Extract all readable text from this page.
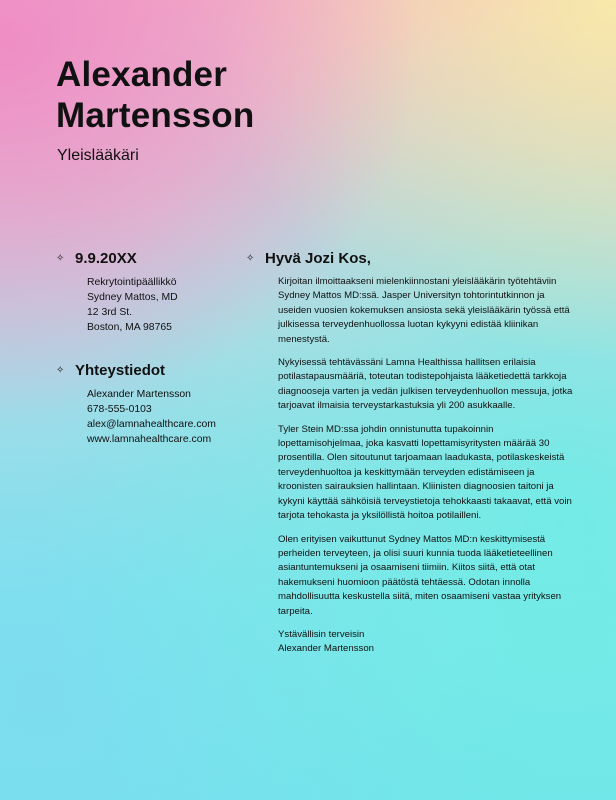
Alexander
Martensson
Yleislääkäri
✧ 9.9.20XX
Rekrytointipäällikkö
Sydney Mattos, MD
12 3rd St.
Boston, MA 98765
✧ Yhteystiedot
Alexander Martensson
678-555-0103
alex@lamnahealthcare.com
www.lamnahealthcare.com
✧ Hyvä Jozi Kos,

Kirjoitan ilmoittaakseni mielenkiinnostani yleislääkärin työtehtäviin Sydney Mattos MD:ssä. Jasper Universityn tohtorintutkinnon ja useiden vuosien kokemuksen ansiosta sekä yleislääkärin työssä että julkisessa terveydenhuollossa luotan kykyyni edistää kliinikan menestystä.

Nykyisessä tehtävässäni Lamna Healthissa hallitsen erilaisia potilastapausmääriä, toteutan todistepohjaista lääketiedettä tarkkoja diagnooseja varten ja vedän julkisen terveydenhuollon messuja, jotka tarjoavat ilmaisia terveystarkastuksia yli 200 asukkaalle.

Tyler Stein MD:ssa johdin onnistunutta tupakoinnin lopettamisohjelmaa, joka kasvatti lopettamisyritysten määrää 30 prosentilla. Olen sitoutunut tarjoamaan laadukasta, potilaskeskeistä terveydenhuoltoa ja keskittymään terveyden edistämiseen ja kroonisten sairauksien hallintaan. Kliinisten diagnoosien taitoni ja kykyni käyttää sähköisiä terveystietoja tehokkaasti takaavat, että voin tarjota tehokasta ja yksilöllistä hoitoa potilailleni.

Olen erityisen vaikuttunut Sydney Mattos MD:n keskittymisestä perheiden terveyteen, ja olisi suuri kunnia tuoda lääketieteellinen asiantuntemukseni ja osaamiseni tiimiin. Kiitos siitä, että otat hakemukseni huomioon päätöstä tehtäessä. Odotan innolla mahdollisuutta keskustella siitä, miten osaamiseni vastaa yrityksen tarpeita.

Ystävällisin terveisin
Alexander Martensson
